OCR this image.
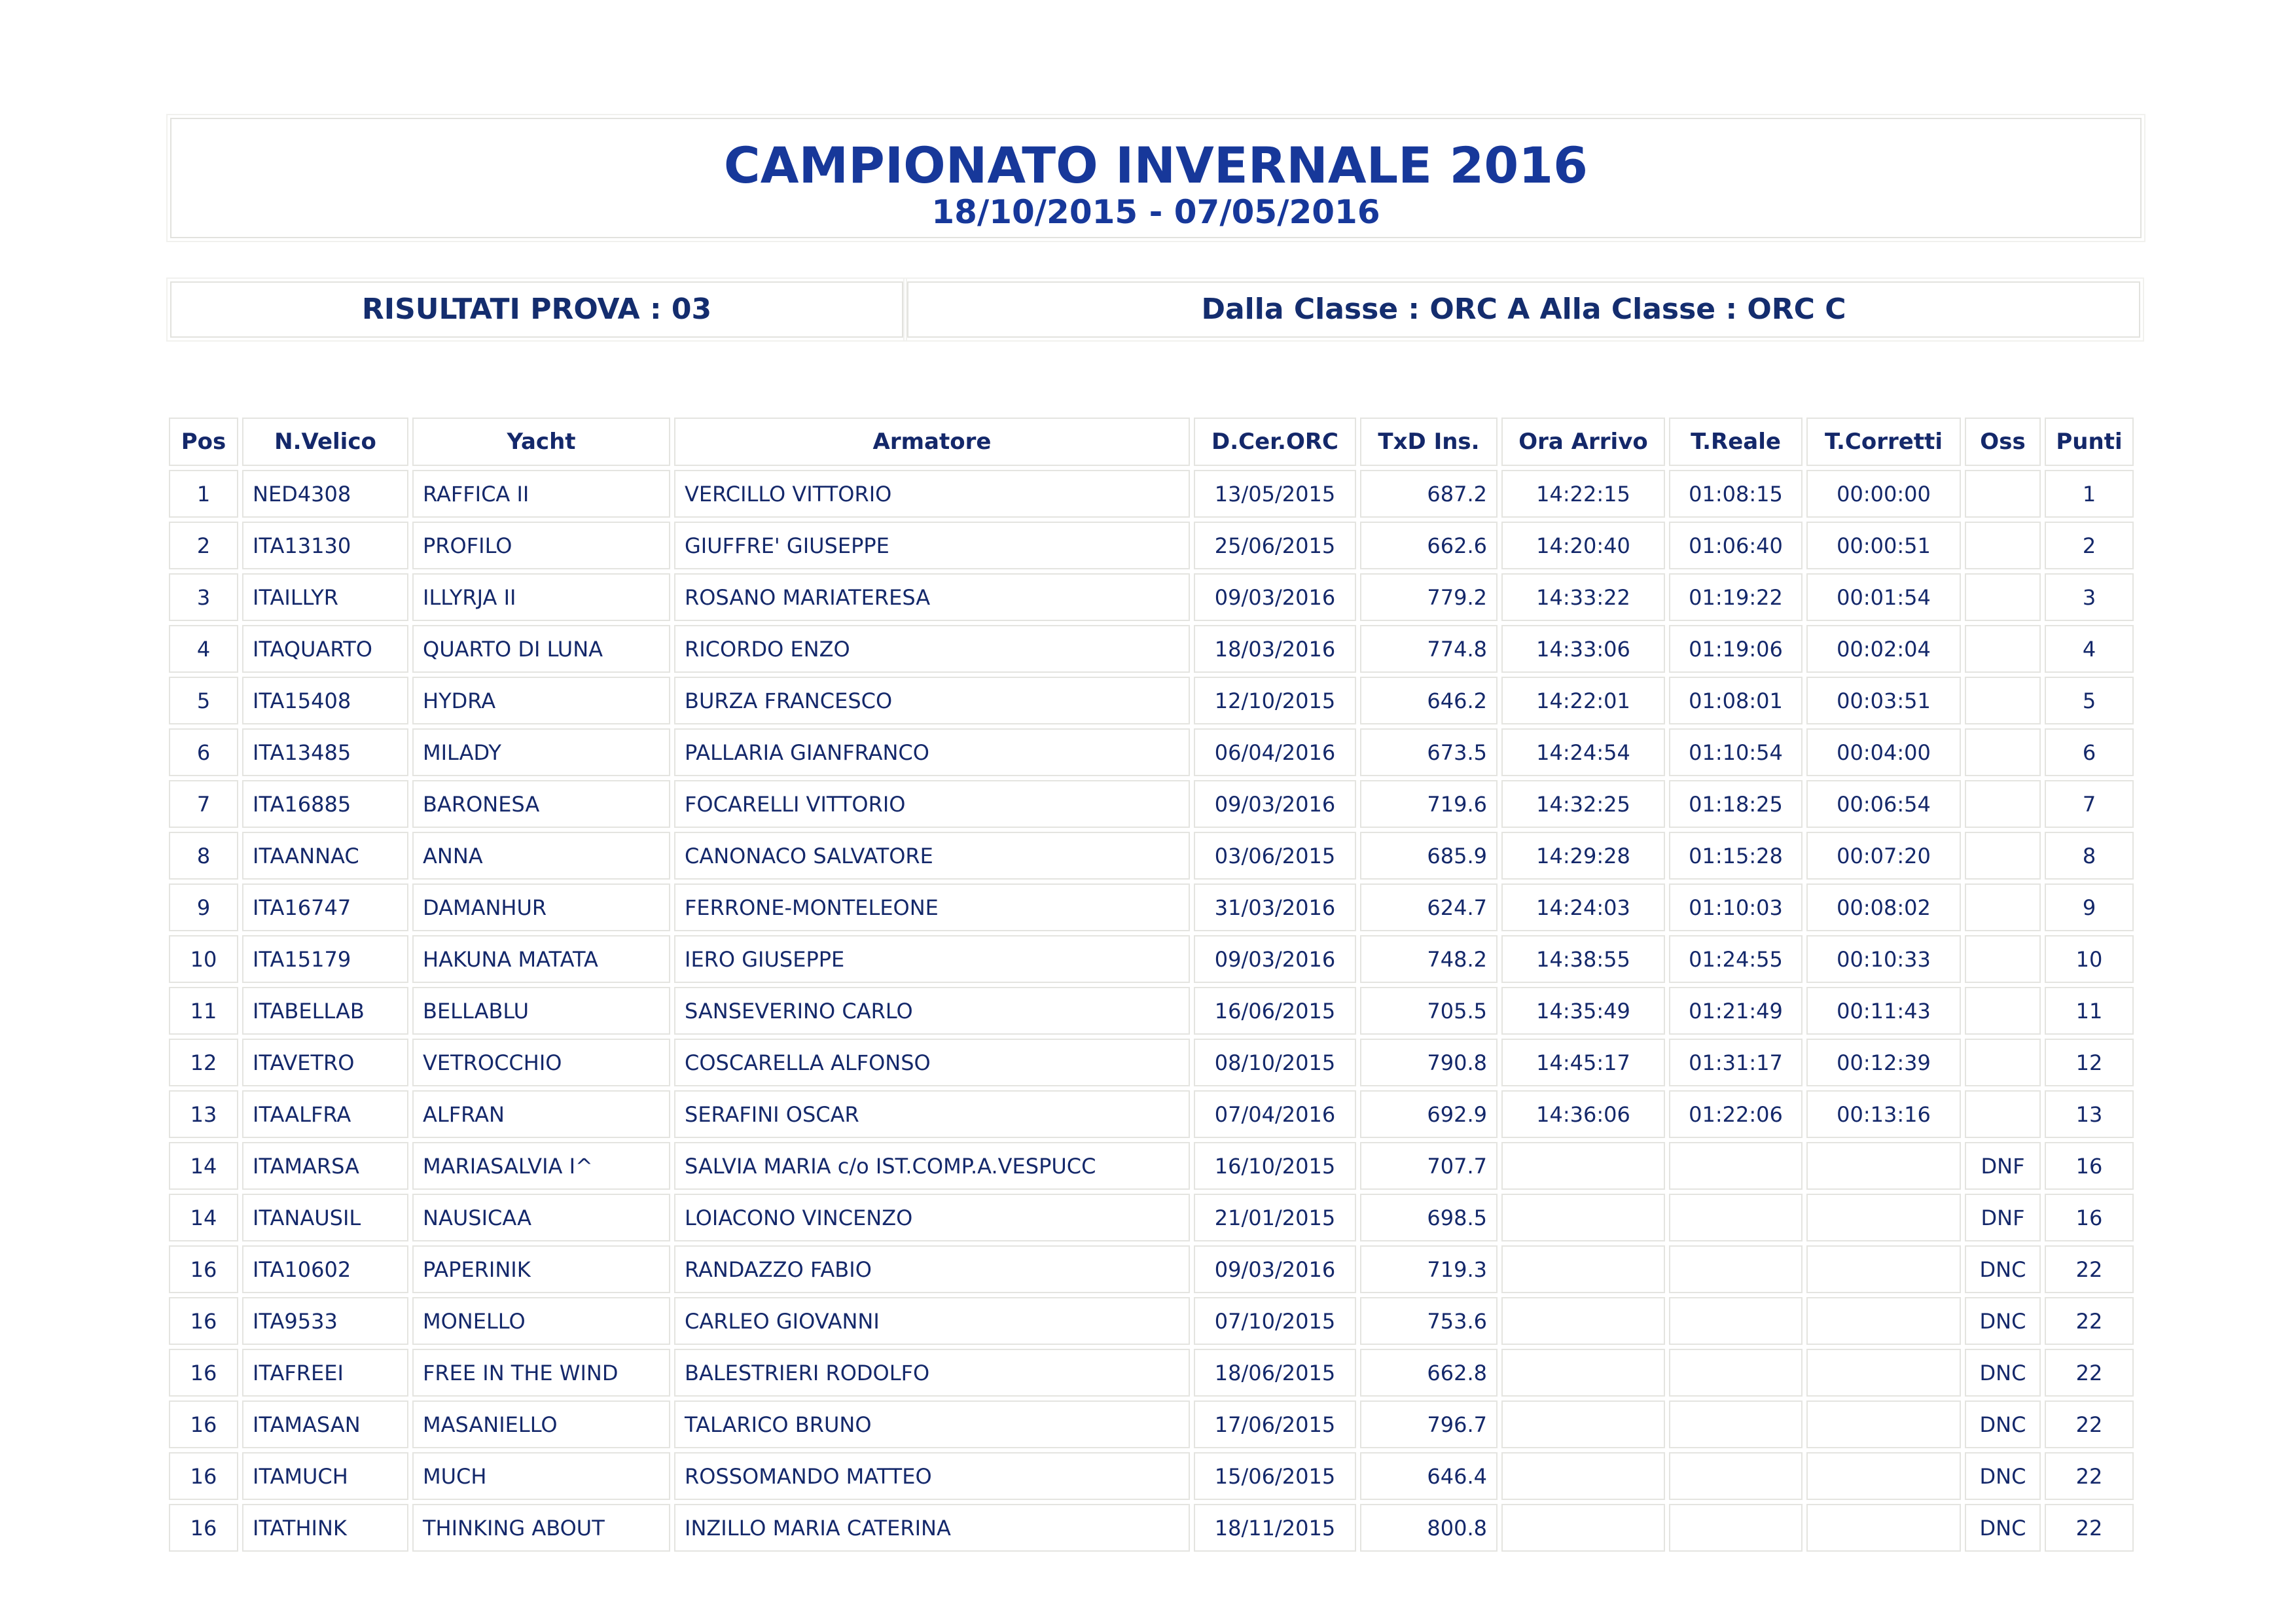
CAMPIONATO INVERNALE 2016
18/10/2015 - 07/05/2016
RISULTATI PROVA : 03	Dalla Classe : ORC A Alla Classe : ORC C
Pos	N.Velico	Yacht	Armatore	D.Cer.ORC	TxD Ins.	Ora Arrivo	T.Reale	T.Corretti	Oss	Punti
1	NED4308	RAFFICA II	VERCILLO VITTORIO	13/05/2015	687.2	14:22:15	01:08:15	00:00:00		1
2	ITA13130	PROFILO	GIUFFRE' GIUSEPPE	25/06/2015	662.6	14:20:40	01:06:40	00:00:51		2
3	ITAILLYR	ILLYRJA II	ROSANO MARIATERESA	09/03/2016	779.2	14:33:22	01:19:22	00:01:54		3
4	ITAQUARTO	QUARTO DI LUNA	RICORDO ENZO	18/03/2016	774.8	14:33:06	01:19:06	00:02:04		4
5	ITA15408	HYDRA	BURZA FRANCESCO	12/10/2015	646.2	14:22:01	01:08:01	00:03:51		5
6	ITA13485	MILADY	PALLARIA GIANFRANCO	06/04/2016	673.5	14:24:54	01:10:54	00:04:00		6
7	ITA16885	BARONESA	FOCARELLI VITTORIO	09/03/2016	719.6	14:32:25	01:18:25	00:06:54		7
8	ITAANNAC	ANNA	CANONACO SALVATORE	03/06/2015	685.9	14:29:28	01:15:28	00:07:20		8
9	ITA16747	DAMANHUR	FERRONE-MONTELEONE	31/03/2016	624.7	14:24:03	01:10:03	00:08:02		9
10	ITA15179	HAKUNA MATATA	IERO GIUSEPPE	09/03/2016	748.2	14:38:55	01:24:55	00:10:33		10
11	ITABELLAB	BELLABLU	SANSEVERINO CARLO	16/06/2015	705.5	14:35:49	01:21:49	00:11:43		11
12	ITAVETRO	VETROCCHIO	COSCARELLA ALFONSO	08/10/2015	790.8	14:45:17	01:31:17	00:12:39		12
13	ITAALFRA	ALFRAN	SERAFINI OSCAR	07/04/2016	692.9	14:36:06	01:22:06	00:13:16		13
14	ITAMARSA	MARIASALVIA I^	SALVIA MARIA c/o IST.COMP.A.VESPUCC	16/10/2015	707.7				DNF	16
14	ITANAUSIL	NAUSICAA	LOIACONO VINCENZO	21/01/2015	698.5				DNF	16
16	ITA10602	PAPERINIK	RANDAZZO FABIO	09/03/2016	719.3				DNC	22
16	ITA9533	MONELLO	CARLEO GIOVANNI	07/10/2015	753.6				DNC	22
16	ITAFREEI	FREE IN THE WIND	BALESTRIERI RODOLFO	18/06/2015	662.8				DNC	22
16	ITAMASAN	MASANIELLO	TALARICO BRUNO	17/06/2015	796.7				DNC	22
16	ITAMUCH	MUCH	ROSSOMANDO MATTEO	15/06/2015	646.4				DNC	22
16	ITATHINK	THINKING ABOUT	INZILLO MARIA CATERINA	18/11/2015	800.8				DNC	22
